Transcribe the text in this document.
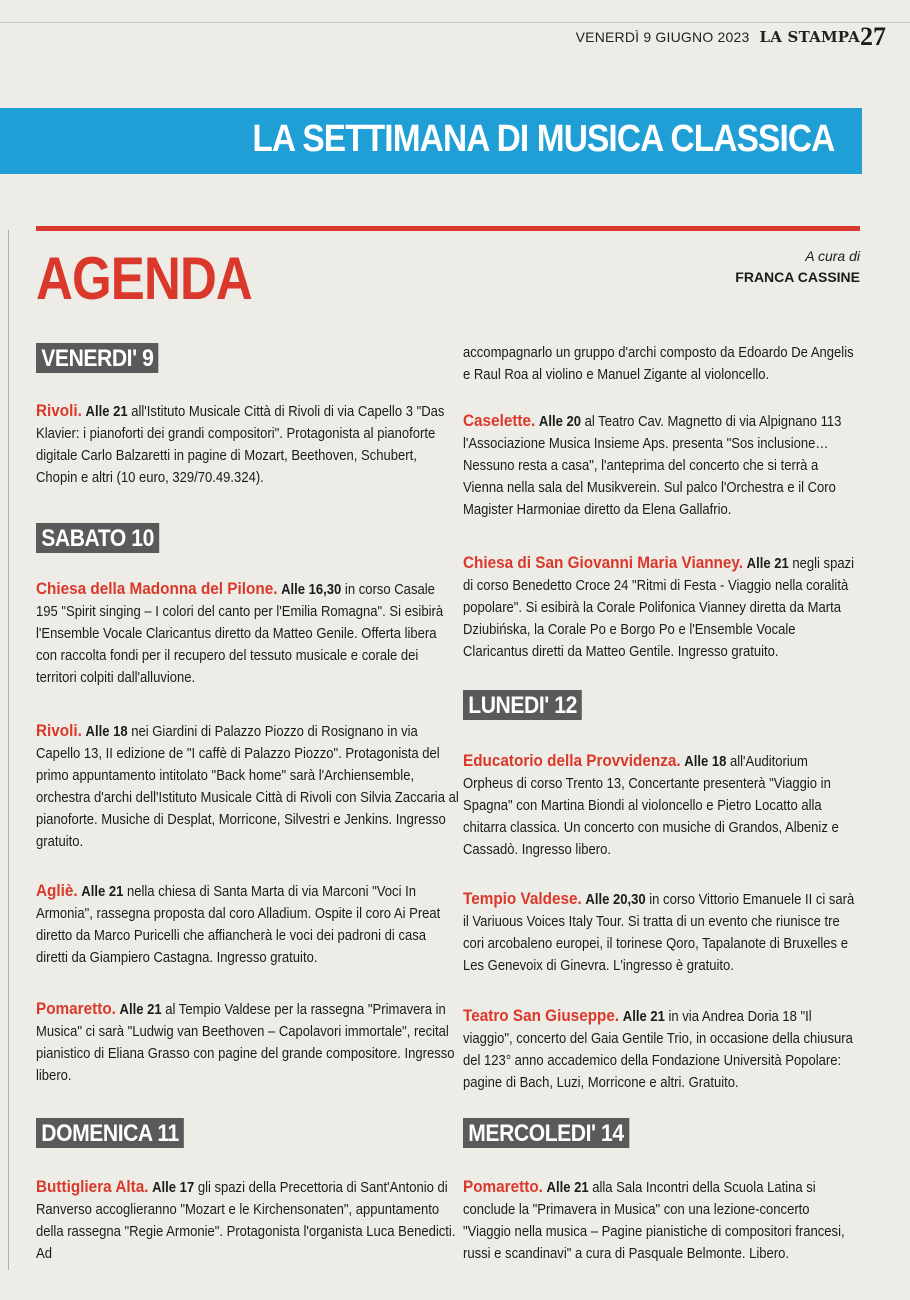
VENERDÌ 9 GIUGNO 2023 LA STAMPA 27
LA SETTIMANA DI MUSICA CLASSICA
AGENDA	A cura di
FRANCA CASSINE
VENERDI' 9
Rivoli. Alle 21 all'Istituto Musicale Città di Rivoli di via Capello 3 "Das Klavier: i pianoforti dei grandi compositori". Protagonista al pianoforte digitale Carlo Balzaretti in pagine di Mozart, Beethoven, Schubert, Chopin e altri (10 euro, 329/70.49.324).
SABATO 10
Chiesa della Madonna del Pilone. Alle 16,30 in corso Casale 195 "Spirit singing – I colori del canto per l'Emilia Romagna". Si esibirà l'Ensemble Vocale Claricantus diretto da Matteo Genile. Offerta libera con raccolta fondi per il recupero del tessuto musicale e corale dei territori colpiti dall'alluvione.
Rivoli. Alle 18 nei Giardini di Palazzo Piozzo di Rosignano in via Capello 13, II edizione de "I caffè di Palazzo Piozzo". Protagonista del primo appuntamento intitolato "Back home" sarà l'Archiensemble, orchestra d'archi dell'Istituto Musicale Città di Rivoli con Silvia Zaccaria al pianoforte. Musiche di Desplat, Morricone, Silvestri e Jenkins. Ingresso gratuito.
Agliè. Alle 21 nella chiesa di Santa Marta di via Marconi "Voci In Armonia", rassegna proposta dal coro Alladium. Ospite il coro Ai Preat diretto da Marco Puricelli che affiancherà le voci dei padroni di casa diretti da Giampiero Castagna. Ingresso gratuito.
Pomaretto. Alle 21 al Tempio Valdese per la rassegna "Primavera in Musica" ci sarà "Ludwig van Beethoven – Capolavori immortale", recital pianistico di Eliana Grasso con pagine del grande compositore. Ingresso libero.
DOMENICA 11
Buttigliera Alta. Alle 17 gli spazi della Precettoria di Sant'Antonio di Ranverso accoglieranno "Mozart e le Kirchensonaten", appuntamento della rassegna "Regie Armonie". Protagonista l'organista Luca Benedicti. Ad
accompagnarlo un gruppo d'archi composto da Edoardo De Angelis e Raul Roa al violino e Manuel Zigante al violoncello.
Caselette. Alle 20 al Teatro Cav. Magnetto di via Alpignano 113 l'Associazione Musica Insieme Aps. presenta "Sos inclusione… Nessuno resta a casa", l'anteprima del concerto che si terrà a Vienna nella sala del Musikverein. Sul palco l'Orchestra e il Coro Magister Harmoniae diretto da Elena Gallafrio.
Chiesa di San Giovanni Maria Vianney. Alle 21 negli spazi di corso Benedetto Croce 24 "Ritmi di Festa - Viaggio nella coralità popolare". Si esibirà la Corale Polifonica Vianney diretta da Marta Dziubińska, la Corale Po e Borgo Po e l'Ensemble Vocale Claricantus diretti da Matteo Gentile. Ingresso gratuito.
LUNEDI' 12
Educatorio della Provvidenza. Alle 18 all'Auditorium Orpheus di corso Trento 13, Concertante presenterà "Viaggio in Spagna" con Martina Biondi al violoncello e Pietro Locatto alla chitarra classica. Un concerto con musiche di Grandos, Albeniz e Cassadò. Ingresso libero.
Tempio Valdese. Alle 20,30 in corso Vittorio Emanuele II ci sarà il Variuous Voices Italy Tour. Si tratta di un evento che riunisce tre cori arcobaleno europei, il torinese Qoro, Tapalanote di Bruxelles e Les Genevoix di Ginevra. L'ingresso è gratuito.
Teatro San Giuseppe. Alle 21 in via Andrea Doria 18 "Il viaggio", concerto del Gaia Gentile Trio, in occasione della chiusura del 123° anno accademico della Fondazione Università Popolare: pagine di Bach, Luzi, Morricone e altri. Gratuito.
MERCOLEDI' 14
Pomaretto. Alle 21 alla Sala Incontri della Scuola Latina si conclude la "Primavera in Musica" con una lezione-concerto "Viaggio nella musica – Pagine pianistiche di compositori francesi, russi e scandinavi" a cura di Pasquale Belmonte. Libero.
